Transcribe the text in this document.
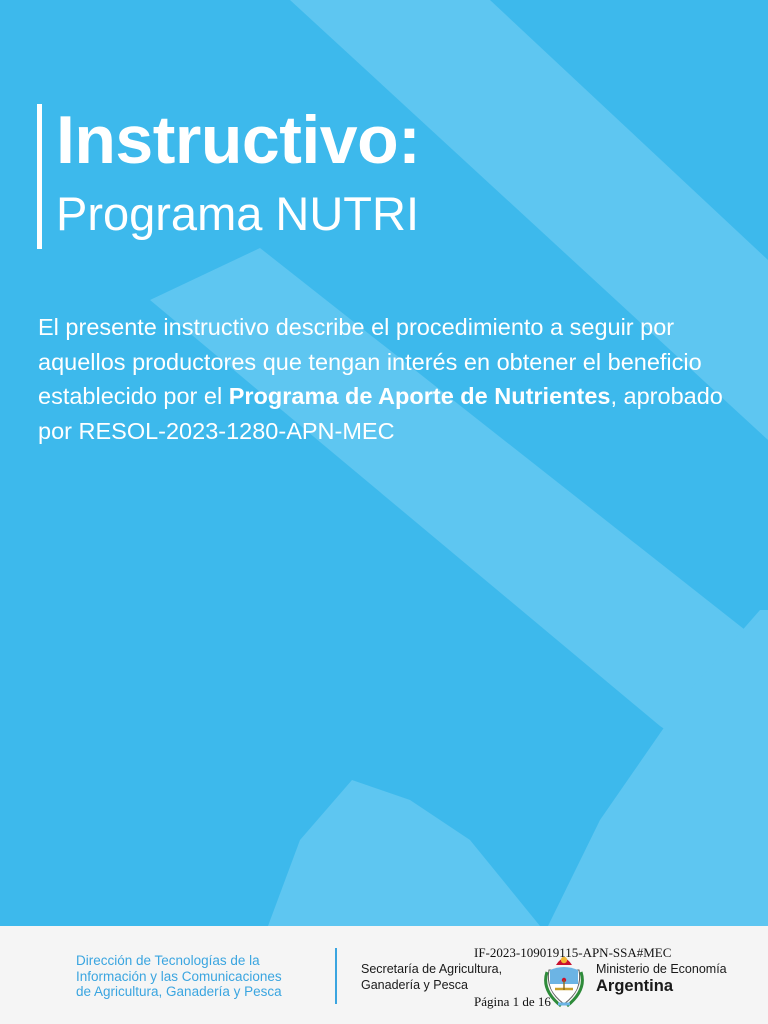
Instructivo:
Programa NUTRI

El presente instructivo describe el procedimiento a seguir por aquellos productores que tengan interés en obtener el beneficio establecido por el Programa de Aporte de Nutrientes, aprobado por RESOL-2023-1280-APN-MEC

Dirección de Tecnologías de la
Información y las Comunicaciones
de Agricultura, Ganadería y Pesca
Secretaría de Agricultura,
Ganadería y Pesca
Ministerio de Economía
Argentina
IF-2023-109019115-APN-SSA#MEC
Página 1 de 16
